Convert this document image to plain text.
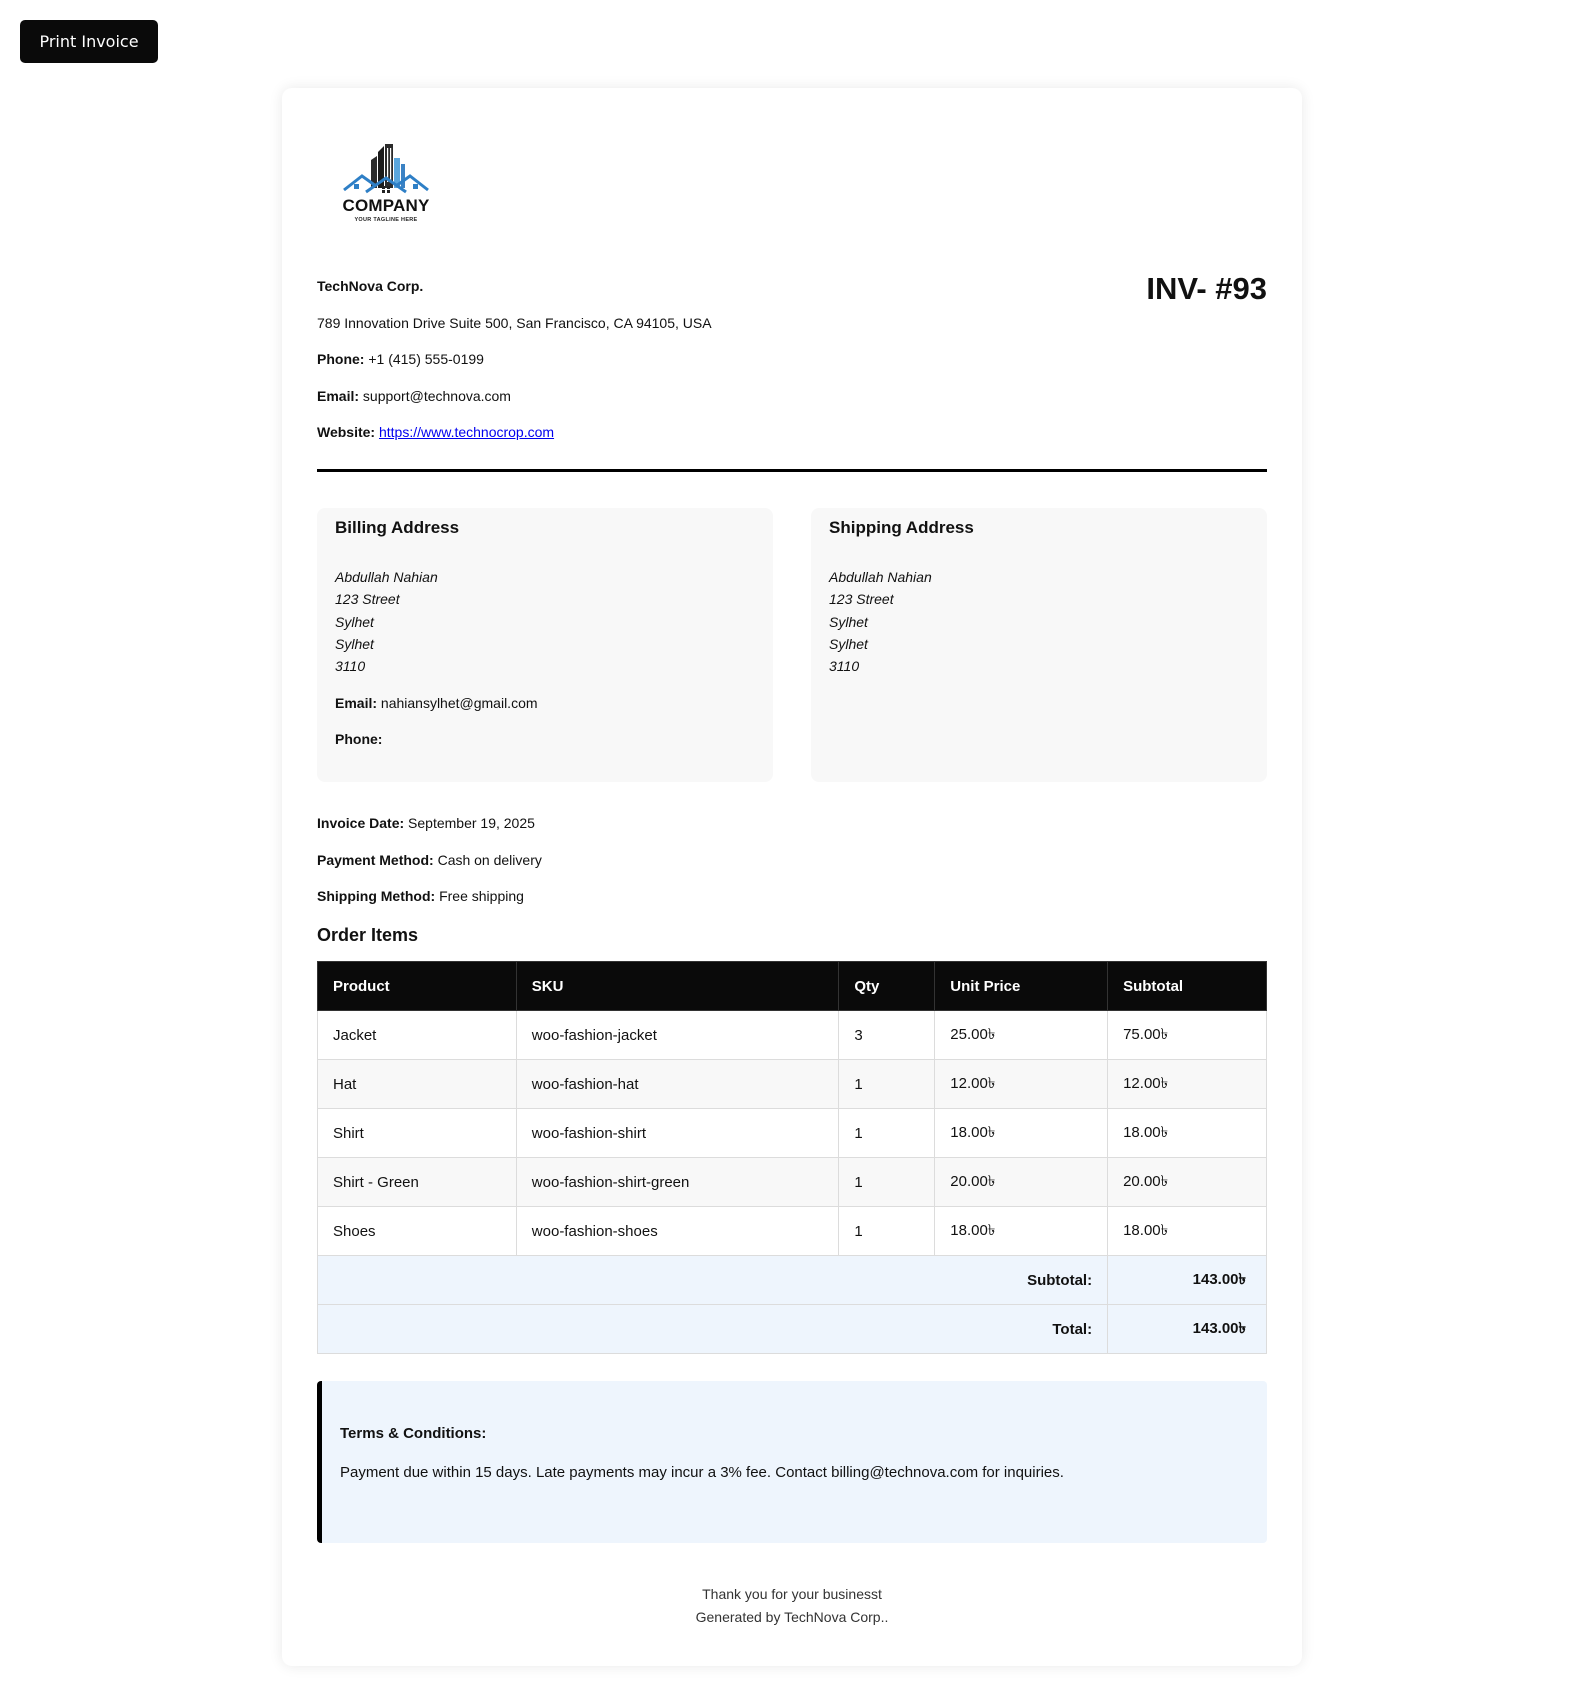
Print Invoice
COMPANY
YOUR TAGLINE HERE
TechNova Corp.
789 Innovation Drive Suite 500, San Francisco, CA 94105, USA
Phone: +1 (415) 555-0199
Email: support@technova.com
Website: https://www.technocrop.com
INV- #93
Billing Address
Abdullah Nahian
123 Street
Sylhet
Sylhet
3110
Email: nahiansylhet@gmail.com
Phone:
Shipping Address
Abdullah Nahian
123 Street
Sylhet
Sylhet
3110
Invoice Date: September 19, 2025
Payment Method: Cash on delivery
Shipping Method: Free shipping
Order Items
Product	SKU	Qty	Unit Price	Subtotal
Jacket	woo-fashion-jacket	3	25.00৳	75.00৳
Hat	woo-fashion-hat	1	12.00৳	12.00৳
Shirt	woo-fashion-shirt	1	18.00৳	18.00৳
Shirt - Green	woo-fashion-shirt-green	1	20.00৳	20.00৳
Shoes	woo-fashion-shoes	1	18.00৳	18.00৳
Subtotal:				143.00৳
Total:				143.00৳
Terms & Conditions:
Payment due within 15 days. Late payments may incur a 3% fee. Contact billing@technova.com for inquiries.
Thank you for your businesst
Generated by TechNova Corp..
